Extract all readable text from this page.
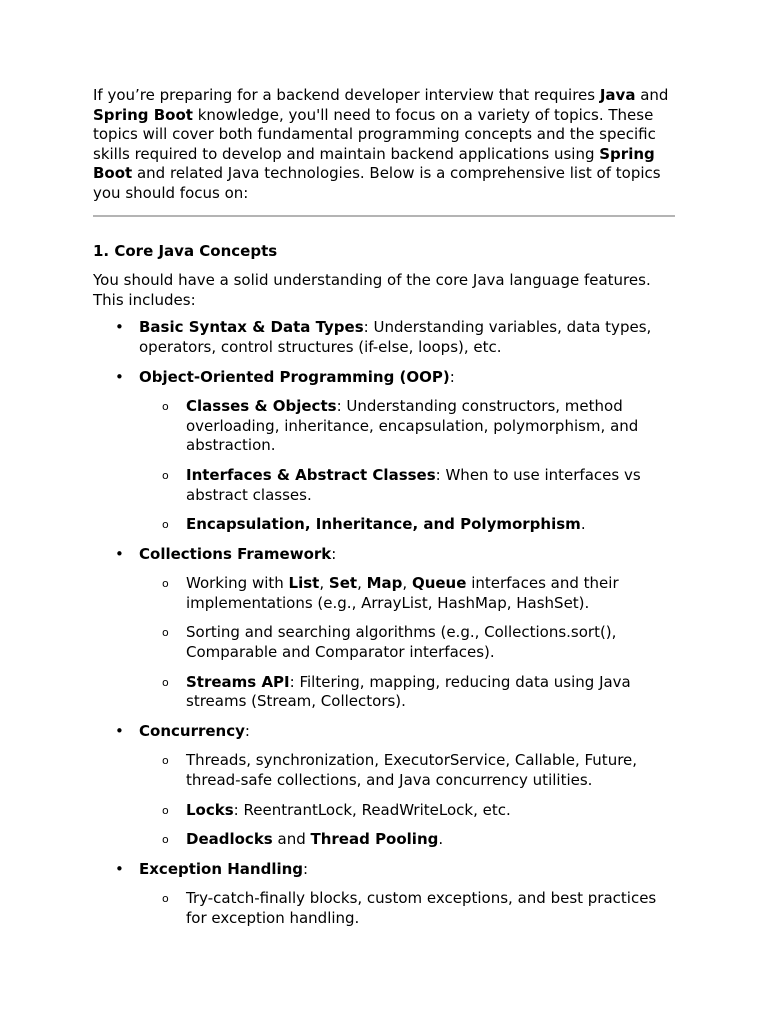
If you’re preparing for a backend developer interview that requires Java and Spring Boot knowledge, you'll need to focus on a variety of topics. These topics will cover both fundamental programming concepts and the specific skills required to develop and maintain backend applications using Spring Boot and related Java technologies. Below is a comprehensive list of topics you should focus on:

1. Core Java Concepts

You should have a solid understanding of the core Java language features. This includes:

• Basic Syntax & Data Types: Understanding variables, data types, operators, control structures (if-else, loops), etc.
• Object-Oriented Programming (OOP):
o Classes & Objects: Understanding constructors, method overloading, inheritance, encapsulation, polymorphism, and abstraction.
o Interfaces & Abstract Classes: When to use interfaces vs abstract classes.
o Encapsulation, Inheritance, and Polymorphism.
• Collections Framework:
o Working with List, Set, Map, Queue interfaces and their implementations (e.g., ArrayList, HashMap, HashSet).
o Sorting and searching algorithms (e.g., Collections.sort(), Comparable and Comparator interfaces).
o Streams API: Filtering, mapping, reducing data using Java streams (Stream, Collectors).
• Concurrency:
o Threads, synchronization, ExecutorService, Callable, Future, thread-safe collections, and Java concurrency utilities.
o Locks: ReentrantLock, ReadWriteLock, etc.
o Deadlocks and Thread Pooling.
• Exception Handling:
o Try-catch-finally blocks, custom exceptions, and best practices for exception handling.
